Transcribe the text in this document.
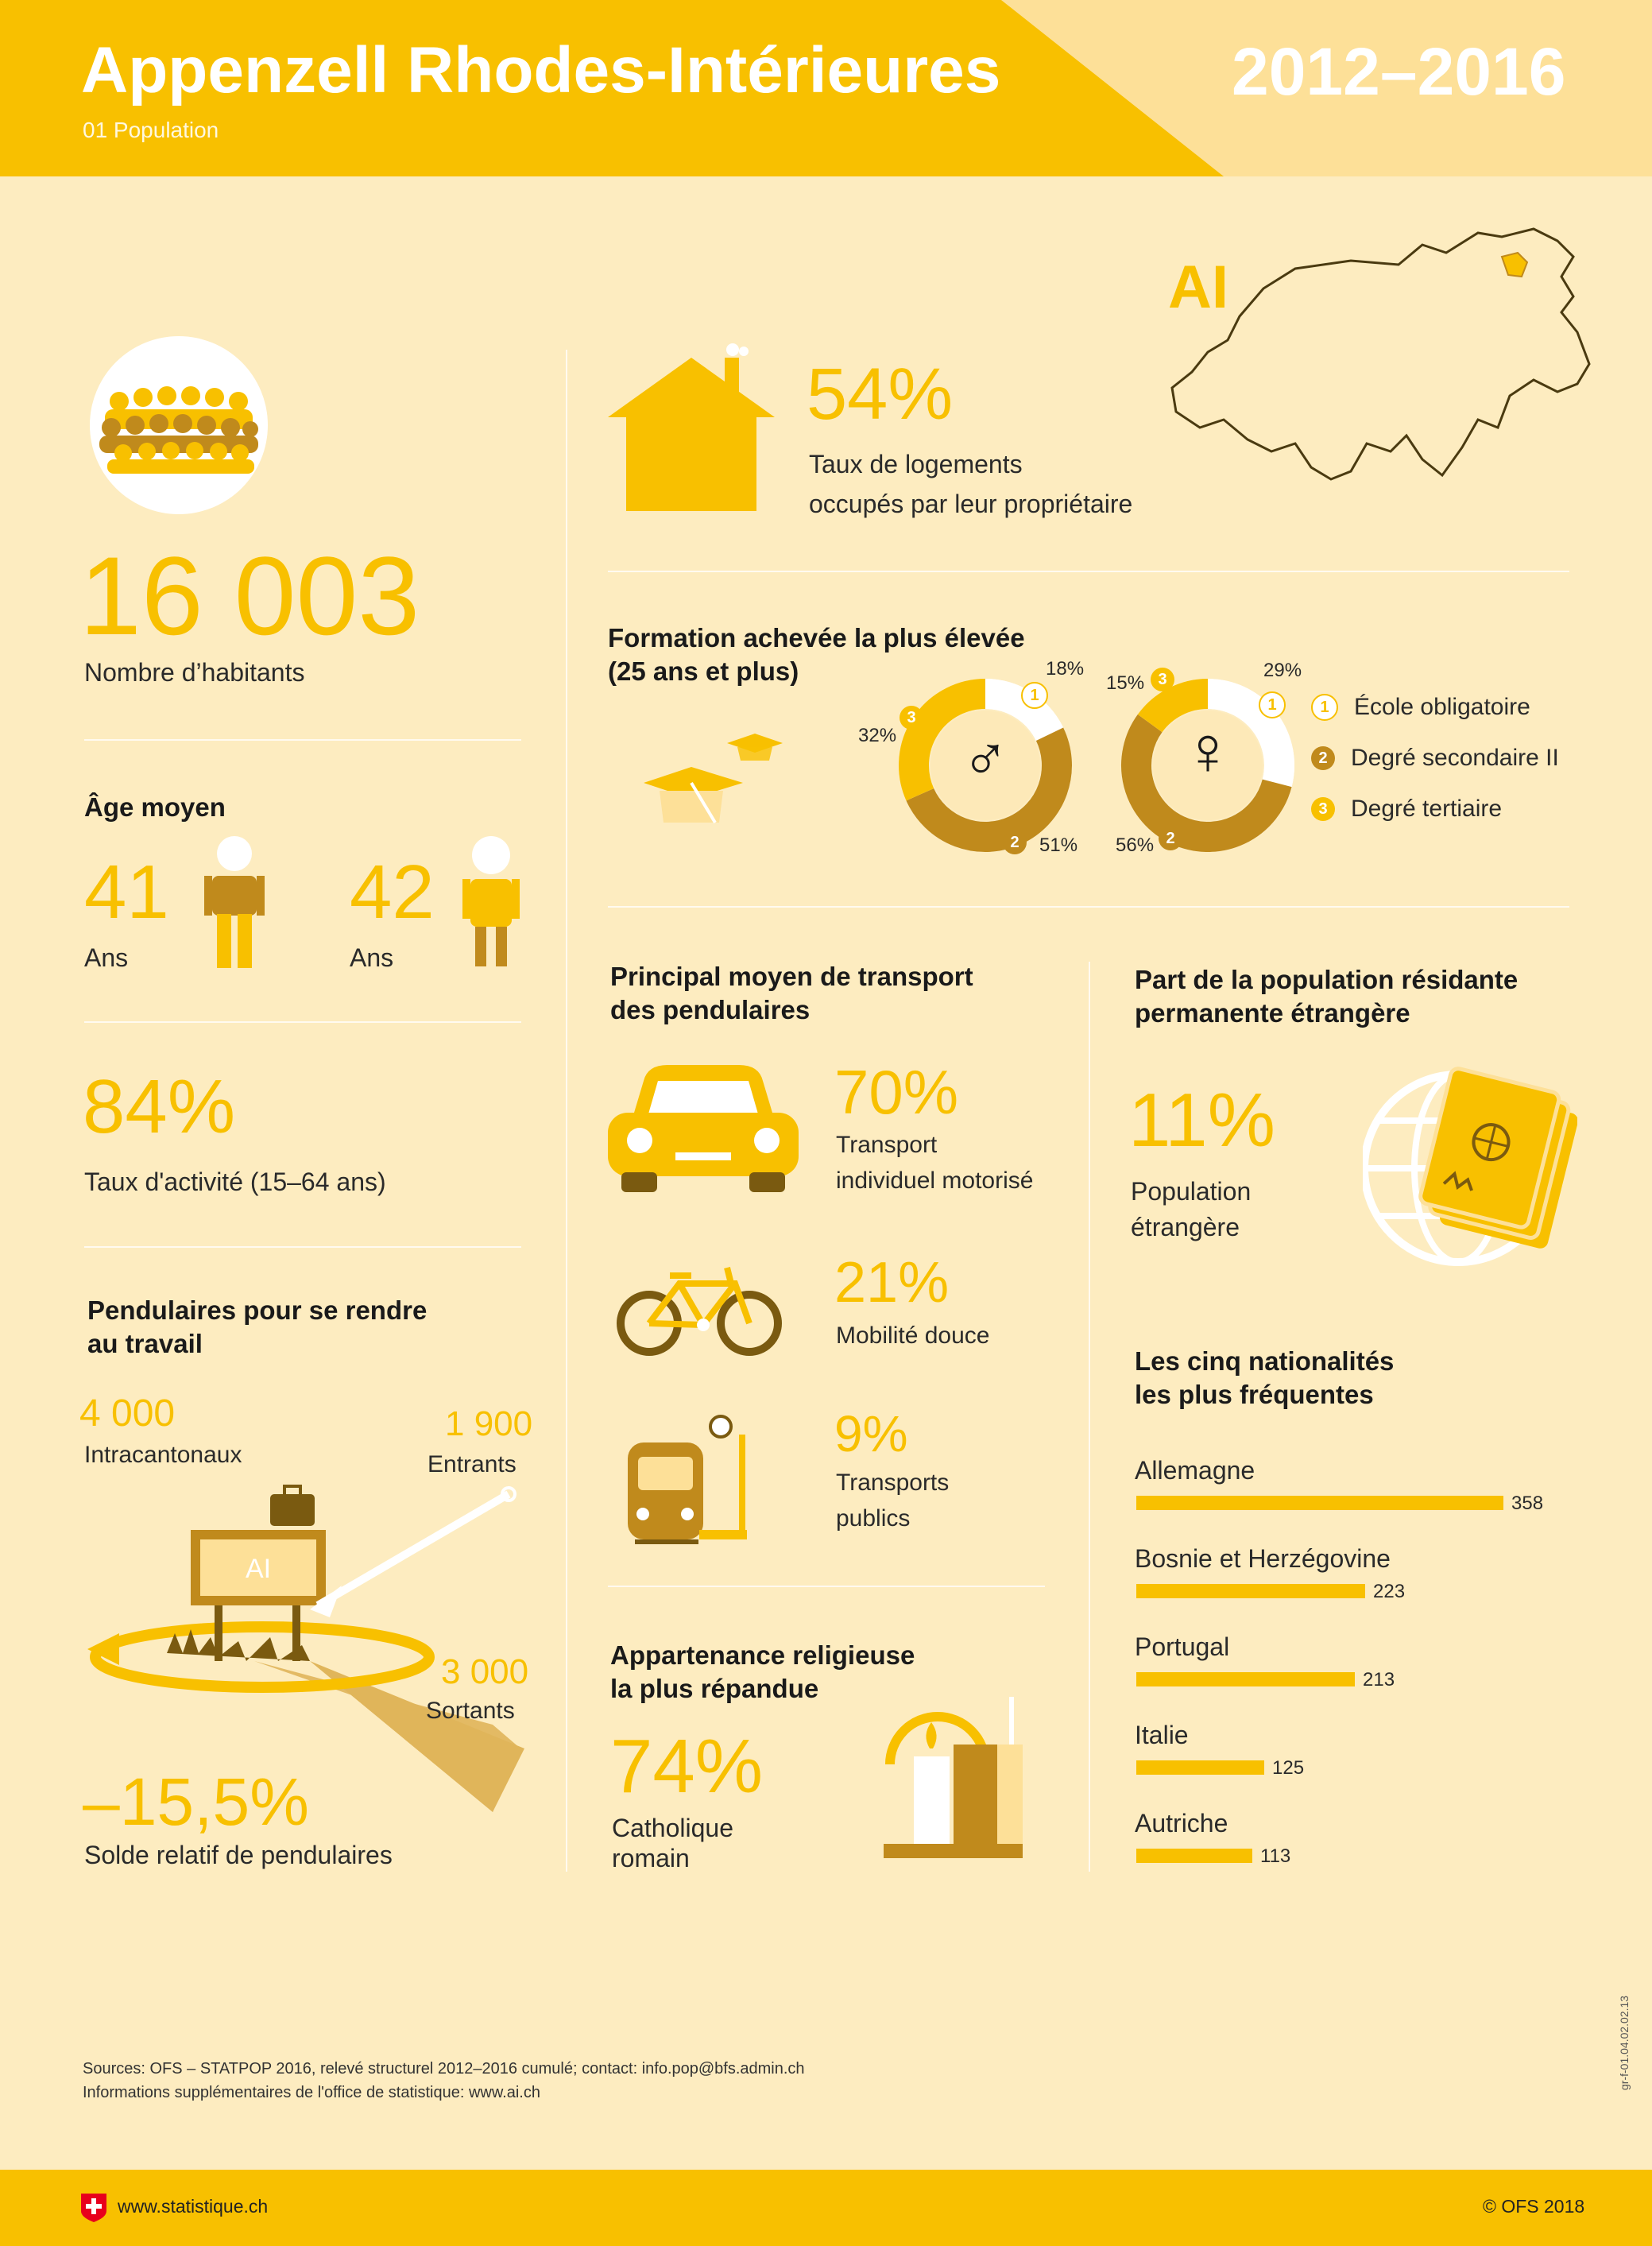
Appenzell Rhodes-Intérieures
01 Population
2012–2016
AI
16 003
Nombre d’habitants
Âge moyen
41
Ans
42
Ans
84%
Taux d'activité (15–64 ans)
Pendulaires pour se rendre
au travail
4 000
Intracantonaux
1 900
Entrants
AI
3 000
Sortants
–15,5%
Solde relatif de pendulaires
54%
Taux de logements
occupés par leur propriétaire
Formation achevée la plus élevée
(25 ans et plus)
♂
18%
1
32%
3
51%
2
♀
29%
1
15% 3
56% 2
1	École obligatoire
2 Degré secondaire II
3 Degré tertiaire
Principal moyen de transport
des pendulaires
70%
Transport
individuel motorisé
21%
Mobilité douce
9%
Transports
publics
Appartenance religieuse
la plus répandue
74%
Catholique
romain
Part de la population résidante
permanente étrangère
11%
Population
étrangère
Les cinq nationalités
les plus fréquentes
Allemagne
358
Bosnie et Herzégovine
223
Portugal
213
Italie
125
Autriche
113
gr-f-01.04.02.02.13
Sources: OFS – STATPOP 2016, relevé structurel 2012–2016 cumulé; contact: info.pop@bfs.admin.ch
Informations supplémentaires de l'office de statistique: www.ai.ch
www.statistique.ch	© OFS 2018
